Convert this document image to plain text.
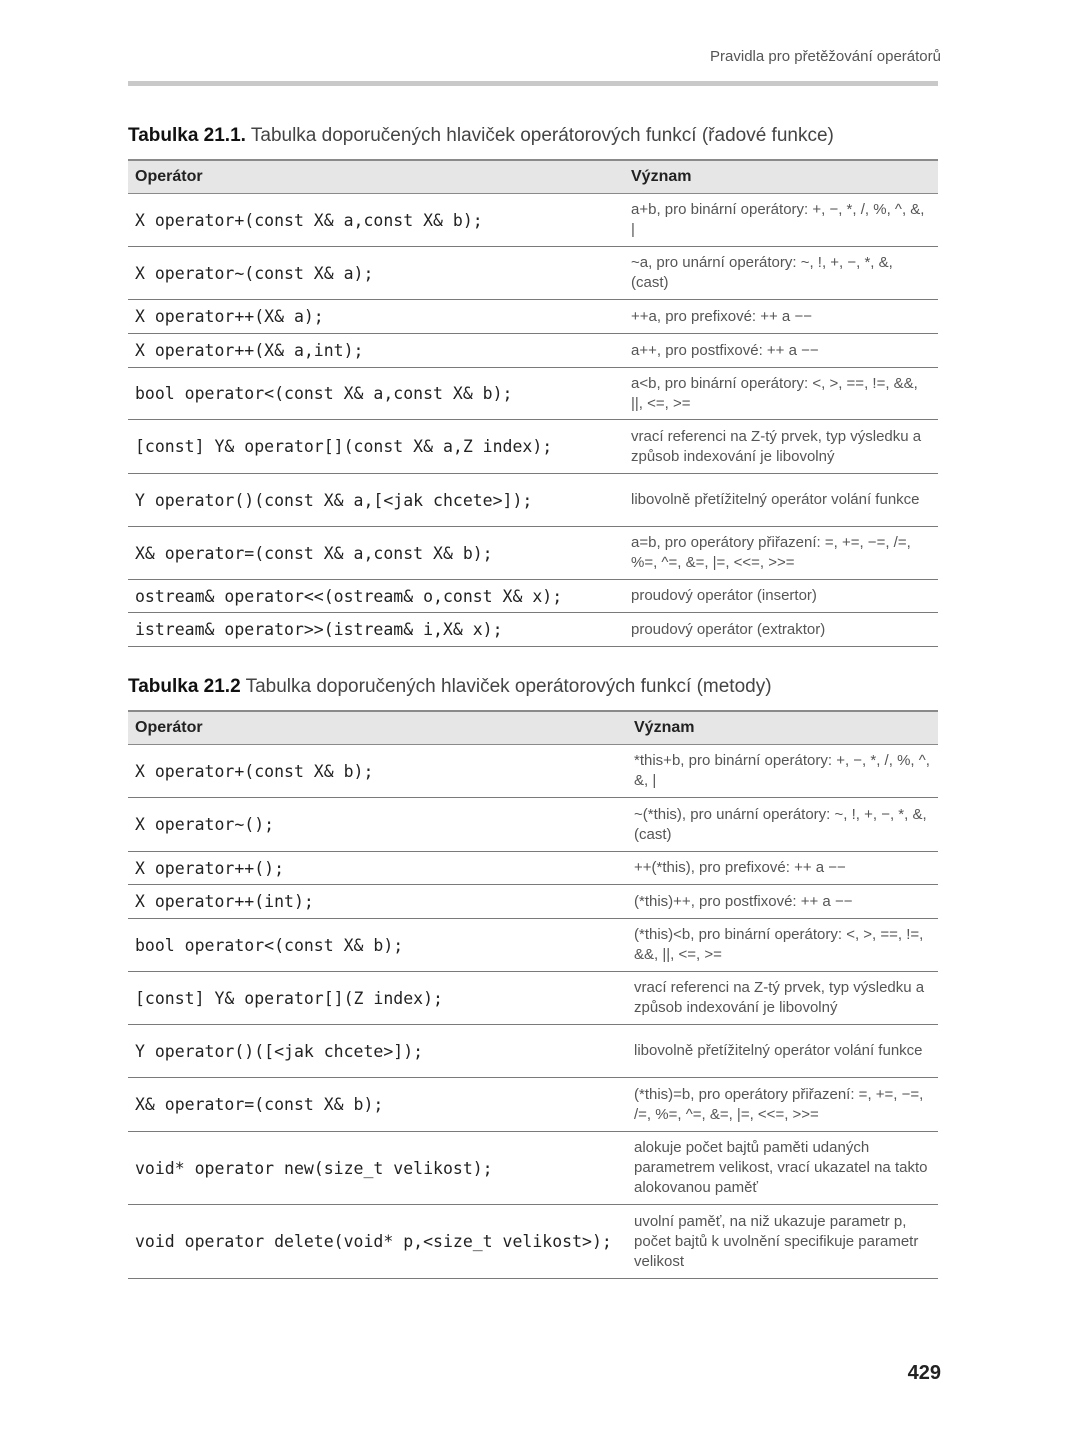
Pravidla pro přetěžování operátorů
Tabulka 21.1. Tabulka doporučených hlaviček operátorových funkcí (řadové funkce)
Operátor	Význam
X operator+(const X& a,const X& b);	a+b, pro binární operátory: +, −, *, /, %, ^, &, |
X operator~(const X& a);	~a, pro unární operátory: ~, !, +, −, *, &, (cast)
X operator++(X& a);	++a, pro prefixové: ++ a −−
X operator++(X& a,int);	a++, pro postfixové: ++ a −−
bool operator<(const X& a,const X& b);	a<b, pro binární operátory: <, >, ==, !=, &&, ||, <=, >=
[const] Y& operator[](const X& a,Z index);	vrací referenci na Z-tý prvek, typ výsledku a způsob indexování je libovolný
Y operator()(const X& a,[<jak chcete>]);	libovolně přetížitelný operátor volání funkce
X& operator=(const X& a,const X& b);	a=b, pro operátory přiřazení: =, +=, −=, /=, %=, ^=, &=, |=, <<=, >>=
ostream& operator<<(ostream& o,const X& x);	proudový operátor (insertor)
istream& operator>>(istream& i,X& x);	proudový operátor (extraktor)
Tabulka 21.2 Tabulka doporučených hlaviček operátorových funkcí (metody)
Operátor	Význam
X operator+(const X& b);	*this+b, pro binární operátory: +, −, *, /, %, ^, &, |
X operator~();	~(*this), pro unární operátory: ~, !, +, −, *, &, (cast)
X operator++();	++(*this), pro prefixové: ++ a −−
X operator++(int);	(*this)++, pro postfixové: ++ a −−
bool operator<(const X& b);	(*this)<b, pro binární operátory: <, >, ==, !=, &&, ||, <=, >=
[const] Y& operator[](Z index);	vrací referenci na Z-tý prvek, typ výsledku a způsob indexování je libovolný
Y operator()([<jak chcete>]);	libovolně přetížitelný operátor volání funkce
X& operator=(const X& b);	(*this)=b, pro operátory přiřazení: =, +=, −=, /=, %=, ^=, &=, |=, <<=, >>=
void* operator new(size_t velikost);	alokuje počet bajtů paměti udaných parametrem velikost, vrací ukazatel na takto alokovanou paměť
void operator delete(void* p,<size_t velikost>);	uvolní paměť, na niž ukazuje parametr p, počet bajtů k uvolnění specifikuje parametr velikost
429
